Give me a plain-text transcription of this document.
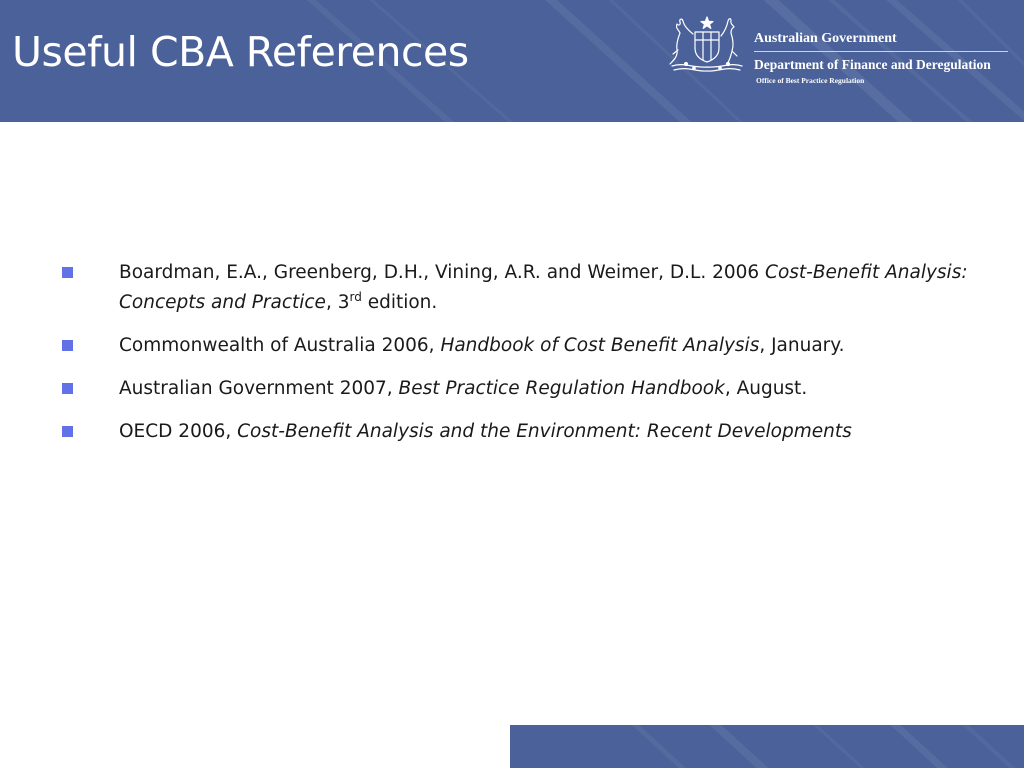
Useful CBA References	Australian Government
Department of Finance and Deregulation
Office of Best Practice Regulation
Boardman, E.A., Greenberg, D.H., Vining, A.R. and Weimer, D.L. 2006 Cost-Benefit Analysis: Concepts and Practice, 3rd edition.
Commonwealth of Australia 2006, Handbook of Cost Benefit Analysis, January.
Australian Government 2007, Best Practice Regulation Handbook, August.
OECD 2006, Cost-Benefit Analysis and the Environment: Recent Developments
